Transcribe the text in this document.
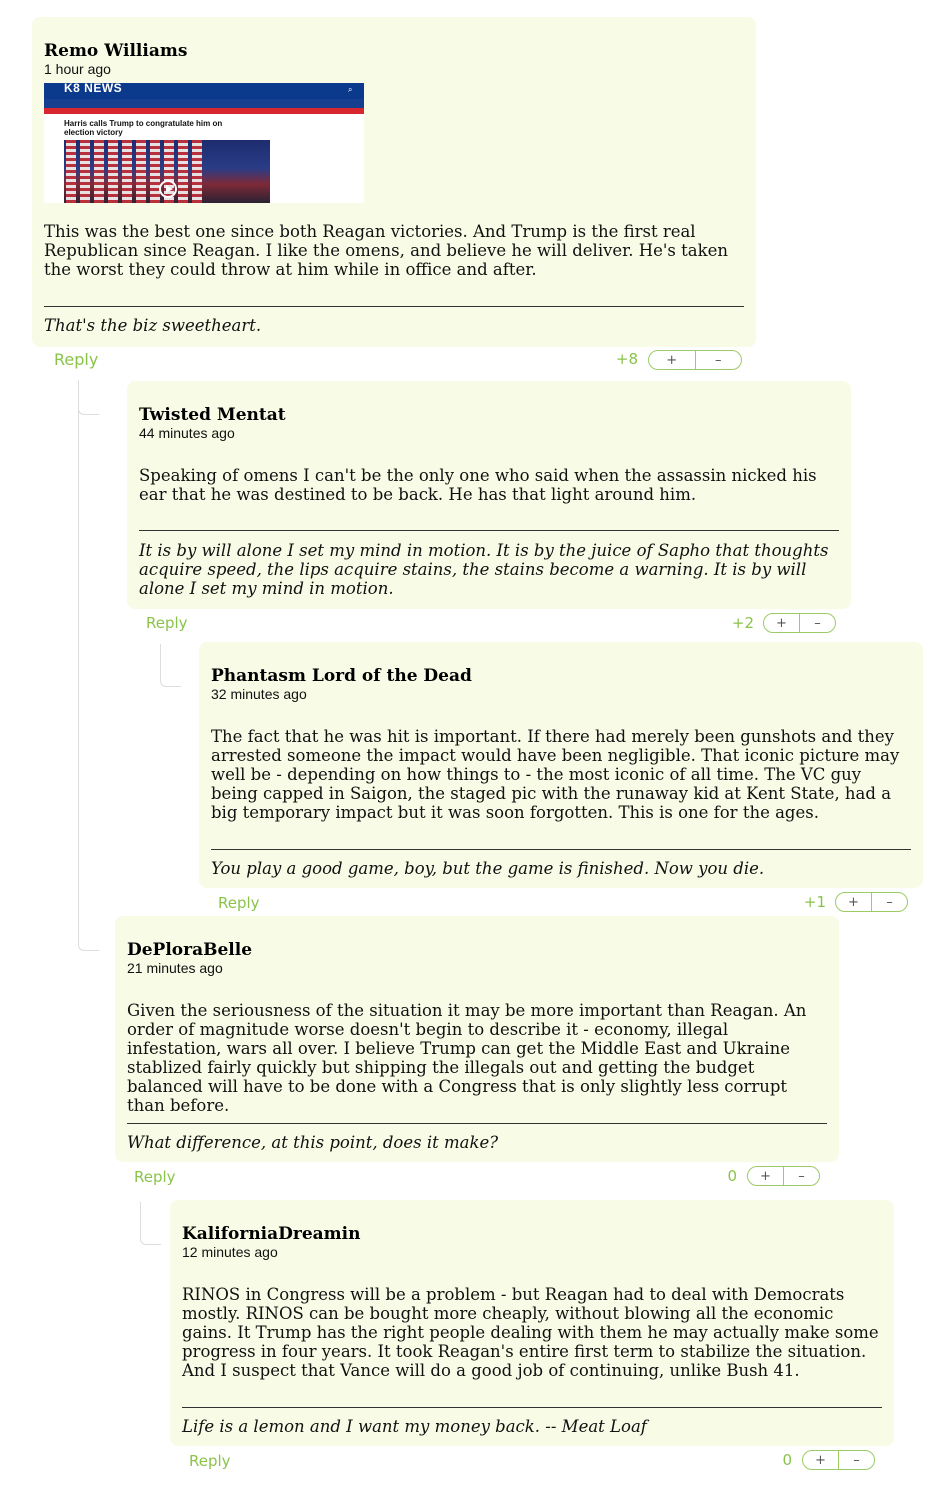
Remo Williams
1 hour ago
K8 NEWS	⌕
Harris calls Trump to congratulate him on election victory
This was the best one since both Reagan victories. And Trump is the first real Republican since Reagan. I like the omens, and believe he will deliver. He's taken the worst they could throw at him while in office and after.
That's the biz sweetheart.
Reply	+8	+	–
Twisted Mentat
44 minutes ago
Speaking of omens I can't be the only one who said when the assassin nicked his ear that he was destined to be back. He has that light around him.
It is by will alone I set my mind in motion. It is by the juice of Sapho that thoughts acquire speed, the lips acquire stains, the stains become a warning. It is by will alone I set my mind in motion.
Reply	+2	+	–
Phantasm Lord of the Dead
32 minutes ago
The fact that he was hit is important. If there had merely been gunshots and they arrested someone the impact would have been negligible. That iconic picture may well be - depending on how things to - the most iconic of all time. The VC guy being capped in Saigon, the staged pic with the runaway kid at Kent State, had a big temporary impact but it was soon forgotten. This is one for the ages.
You play a good game, boy, but the game is finished. Now you die.
Reply	+1	+	–
DePloraBelle
21 minutes ago
Given the seriousness of the situation it may be more important than Reagan. An order of magnitude worse doesn't begin to describe it - economy, illegal infestation, wars all over. I believe Trump can get the Middle East and Ukraine stablized fairly quickly but shipping the illegals out and getting the budget balanced will have to be done with a Congress that is only slightly less corrupt than before.
What difference, at this point, does it make?
Reply	0	+	–
KaliforniaDreamin
12 minutes ago
RINOS in Congress will be a problem - but Reagan had to deal with Democrats mostly. RINOS can be bought more cheaply, without blowing all the economic gains. It Trump has the right people dealing with them he may actually make some progress in four years. It took Reagan's entire first term to stabilize the situation. And I suspect that Vance will do a good job of continuing, unlike Bush 41.
Life is a lemon and I want my money back. -- Meat Loaf
Reply	0	+	–
